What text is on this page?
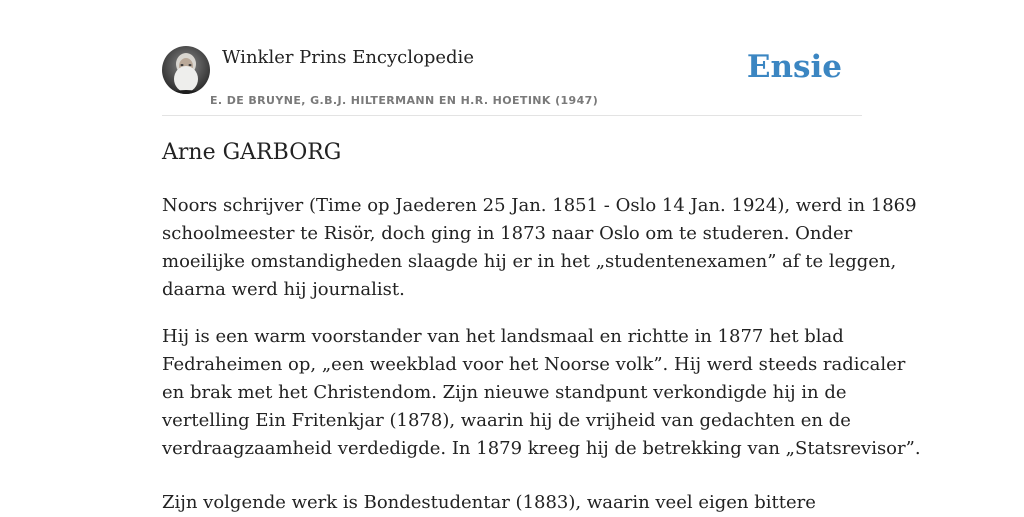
Winkler Prins Encyclopedie
E. DE BRUYNE, G.B.J. HILTERMANN EN H.R. HOETINK (1947)
Ensie
Arne GARBORG

Noors schrijver (Time op Jaederen 25 Jan. 1851 - Oslo 14 Jan. 1924), werd in 1869
schoolmeester te Risör, doch ging in 1873 naar Oslo om te studeren. Onder
moeilijke omstandigheden slaagde hij er in het „studentenexamen” af te leggen,
daarna werd hij journalist.

Hij is een warm voorstander van het landsmaal en richtte in 1877 het blad
Fedraheimen op, „een weekblad voor het Noorse volk”. Hij werd steeds radicaler
en brak met het Christendom. Zijn nieuwe standpunt verkondigde hij in de
vertelling Ein Fritenkjar (1878), waarin hij de vrijheid van gedachten en de
verdraagzaamheid verdedigde. In 1879 kreeg hij de betrekking van „Statsrevisor”.

Zijn volgende werk is Bondestudentar (1883), waarin veel eigen bittere
